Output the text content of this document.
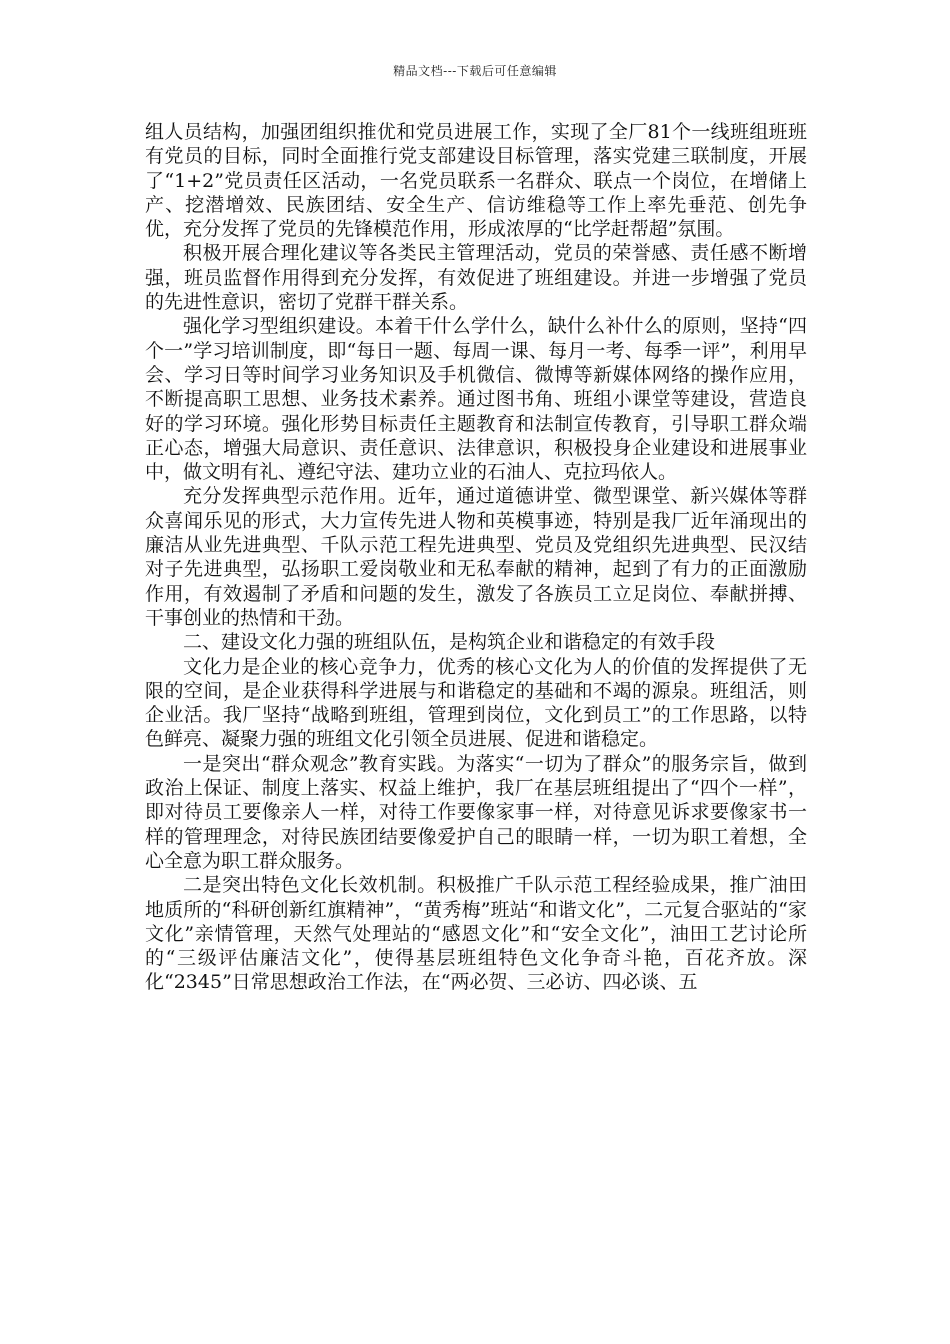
精品文档---下载后可任意编辑

组人员结构，加强团组织推优和党员进展工作，实现了全厂81个一线班组班班有党员的目标，同时全面推行党支部建设目标管理，落实党建三联制度，开展了“1+2”党员责任区活动，一名党员联系一名群众、联点一个岗位，在增储上产、挖潜增效、民族团结、安全生产、信访维稳等工作上率先垂范、创先争优，充分发挥了党员的先锋模范作用，形成浓厚的“比学赶帮超”氛围。

积极开展合理化建议等各类民主管理活动，党员的荣誉感、责任感不断增强，班员监督作用得到充分发挥，有效促进了班组建设。并进一步增强了党员的先进性意识，密切了党群干群关系。

强化学习型组织建设。本着干什么学什么，缺什么补什么的原则，坚持“四个一”学习培训制度，即“每日一题、每周一课、每月一考、每季一评”，利用早会、学习日等时间学习业务知识及手机微信、微博等新媒体网络的操作应用，不断提高职工思想、业务技术素养。通过图书角、班组小课堂等建设，营造良好的学习环境。强化形势目标责任主题教育和法制宣传教育，引导职工群众端正心态，增强大局意识、责任意识、法律意识，积极投身企业建设和进展事业中，做文明有礼、遵纪守法、建功立业的石油人、克拉玛依人。

充分发挥典型示范作用。近年，通过道德讲堂、微型课堂、新兴媒体等群众喜闻乐见的形式，大力宣传先进人物和英模事迹，特别是我厂近年涌现出的廉洁从业先进典型、千队示范工程先进典型、党员及党组织先进典型、民汉结对子先进典型，弘扬职工爱岗敬业和无私奉献的精神，起到了有力的正面激励作用，有效遏制了矛盾和问题的发生，激发了各族员工立足岗位、奉献拼搏、干事创业的热情和干劲。

二、建设文化力强的班组队伍，是构筑企业和谐稳定的有效手段

文化力是企业的核心竞争力，优秀的核心文化为人的价值的发挥提供了无限的空间，是企业获得科学进展与和谐稳定的基础和不竭的源泉。班组活，则企业活。我厂坚持“战略到班组，管理到岗位，文化到员工”的工作思路，以特色鲜亮、凝聚力强的班组文化引领全员进展、促进和谐稳定。

一是突出“群众观念”教育实践。为落实“一切为了群众”的服务宗旨，做到政治上保证、制度上落实、权益上维护，我厂在基层班组提出了“四个一样”，即对待员工要像亲人一样，对待工作要像家事一样，对待意见诉求要像家书一样的管理理念，对待民族团结要像爱护自己的眼睛一样，一切为职工着想，全心全意为职工群众服务。

二是突出特色文化长效机制。积极推广千队示范工程经验成果，推广油田地质所的“科研创新红旗精神”，“黄秀梅”班站“和谐文化”，二元复合驱站的“家文化”亲情管理，天然气处理站的“感恩文化”和“安全文化”，油田工艺讨论所的“三级评估廉洁文化”，使得基层班组特色文化争奇斗艳，百花齐放。深化“2345”日常思想政治工作法，在“两必贺、三必访、四必谈、五
